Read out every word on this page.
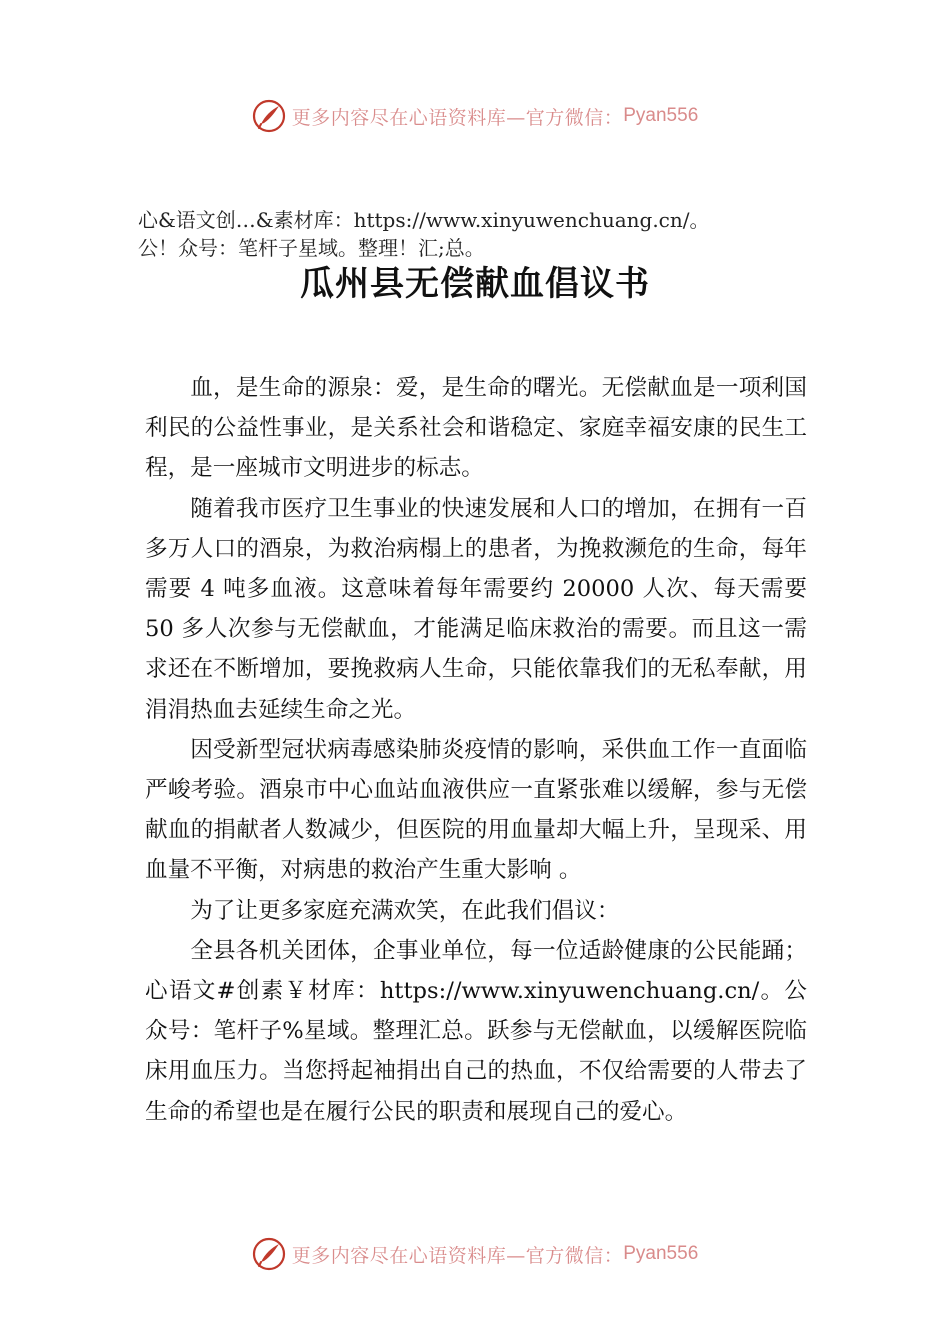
更多内容尽在心语资料库—官方微信： Pyan556
心&语文创…&素材库：https://www.xinyuwenchuang.cn/。
公！众号：笔杆子星域。整理！汇;总。
瓜州县无偿献血倡议书

血，是生命的源泉：爱，是生命的曙光。无偿献血是一项利国利民的公益性事业，是关系社会和谐稳定、家庭幸福安康的民生工程，是一座城市文明进步的标志。

随着我市医疗卫生事业的快速发展和人口的增加，在拥有一百多万人口的酒泉，为救治病榻上的患者，为挽救濒危的生命，每年需要 4 吨多血液。这意味着每年需要约 20000 人次、每天需要 50 多人次参与无偿献血，才能满足临床救治的需要。而且这一需求还在不断增加，要挽救病人生命，只能依靠我们的无私奉献，用涓涓热血去延续生命之光。

因受新型冠状病毒感染肺炎疫情的影响，采供血工作一直面临严峻考验。酒泉市中心血站血液供应一直紧张难以缓解，参与无偿献血的捐献者人数减少，但医院的用血量却大幅上升，呈现采、用血量不平衡，对病患的救治产生重大影响 。

为了让更多家庭充满欢笑，在此我们倡议：

全县各机关团体，企事业单位，每一位适龄健康的公民能踊；心语文#创素￥材库：https://www.xinyuwenchuang.cn/。公众号：笔杆子%星域。整理汇总。跃参与无偿献血，以缓解医院临床用血压力。当您捋起袖捐出自己的热血，不仅给需要的人带去了生命的希望也是在履行公民的职责和展现自己的爱心。

更多内容尽在心语资料库—官方微信： Pyan556
